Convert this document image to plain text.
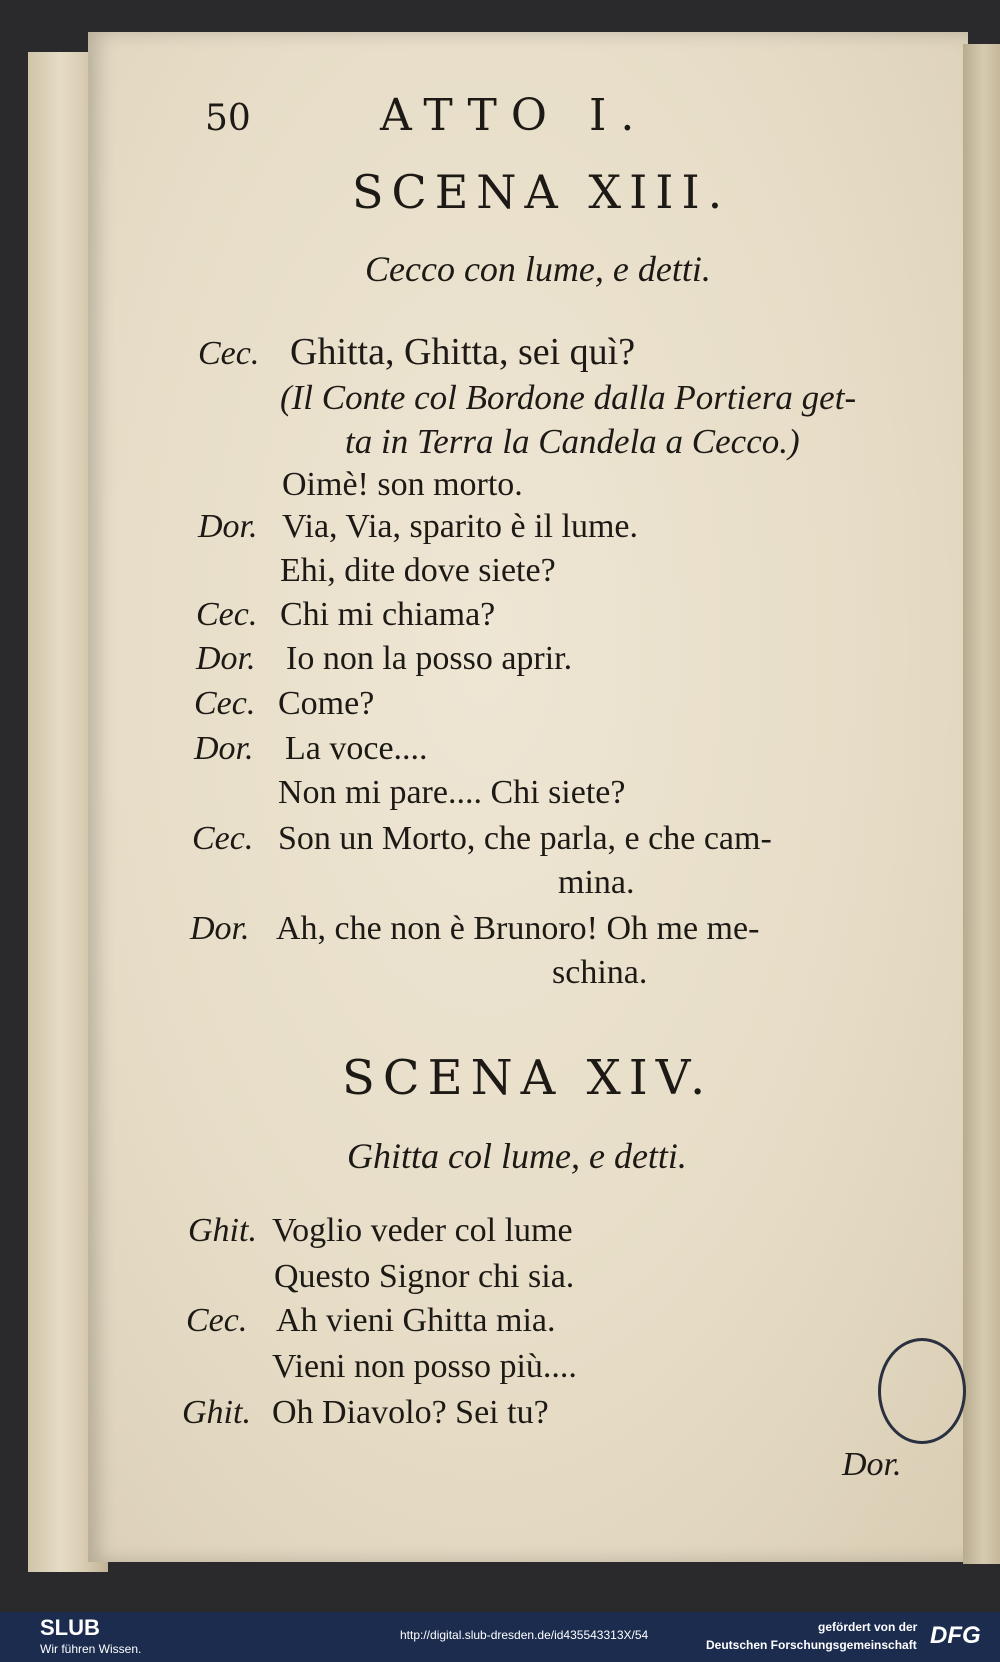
50	ATTO I.
SCENA XIII.
Cecco con lume, e detti.
Cec. Ghitta, Ghitta, sei quì?
(Il Conte col Bordone dalla Portiera get-
ta in Terra la Candela a Cecco.)
Oimè! son morto.
Dor. Via, Via, sparito è il lume.
Ehi, dite dove siete?
Cec. Chi mi chiama?
Dor. Io non la posso aprir.
Cec. Come?
Dor. La voce....
Non mi pare.... Chi siete?
Cec. Son un Morto, che parla, e che cam-
mina.
Dor. Ah, che non è Brunoro! Oh me me-
schina.
SCENA XIV.
Ghitta col lume, e detti.
Ghit. Voglio veder col lume
Questo Signor chi sia.
Cec. Ah vieni Ghitta mia.
Vieni non posso più....
Ghit. Oh Diavolo? Sei tu?
Dor.
SLUB
Wir führen Wissen.
http://digital.slub-dresden.de/id435543313X/54
gefördert von der
Deutschen Forschungsgemeinschaft DFG
